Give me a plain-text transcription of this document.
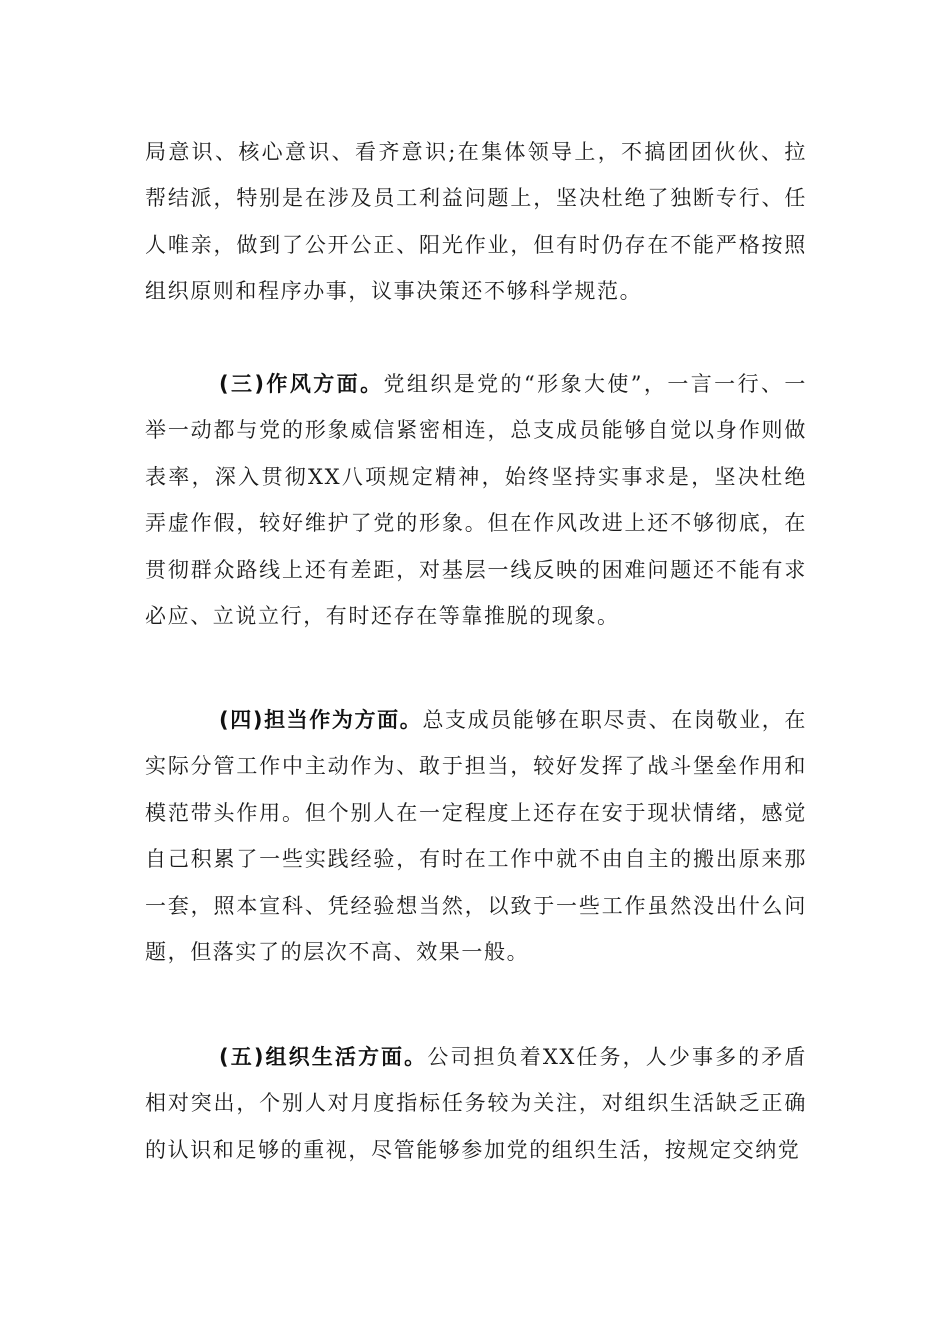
局意识、核心意识、看齐意识;在集体领导上，不搞团团伙伙、拉帮结派，特别是在涉及员工利益问题上，坚决杜绝了独断专行、任人唯亲，做到了公开公正、阳光作业，但有时仍存在不能严格按照组织原则和程序办事，议事决策还不够科学规范。

(三)作风方面。党组织是党的“形象大使”，一言一行、一举一动都与党的形象威信紧密相连，总支成员能够自觉以身作则做表率，深入贯彻XX八项规定精神，始终坚持实事求是，坚决杜绝弄虚作假，较好维护了党的形象。但在作风改进上还不够彻底，在贯彻群众路线上还有差距，对基层一线反映的困难问题还不能有求必应、立说立行，有时还存在等靠推脱的现象。

(四)担当作为方面。总支成员能够在职尽责、在岗敬业，在实际分管工作中主动作为、敢于担当，较好发挥了战斗堡垒作用和模范带头作用。但个别人在一定程度上还存在安于现状情绪，感觉自己积累了一些实践经验，有时在工作中就不由自主的搬出原来那一套，照本宣科、凭经验想当然，以致于一些工作虽然没出什么问题，但落实了的层次不高、效果一般。

(五)组织生活方面。公司担负着XX任务，人少事多的矛盾相对突出，个别人对月度指标任务较为关注，对组织生活缺乏正确的认识和足够的重视，尽管能够参加党的组织生活，按规定交纳党
